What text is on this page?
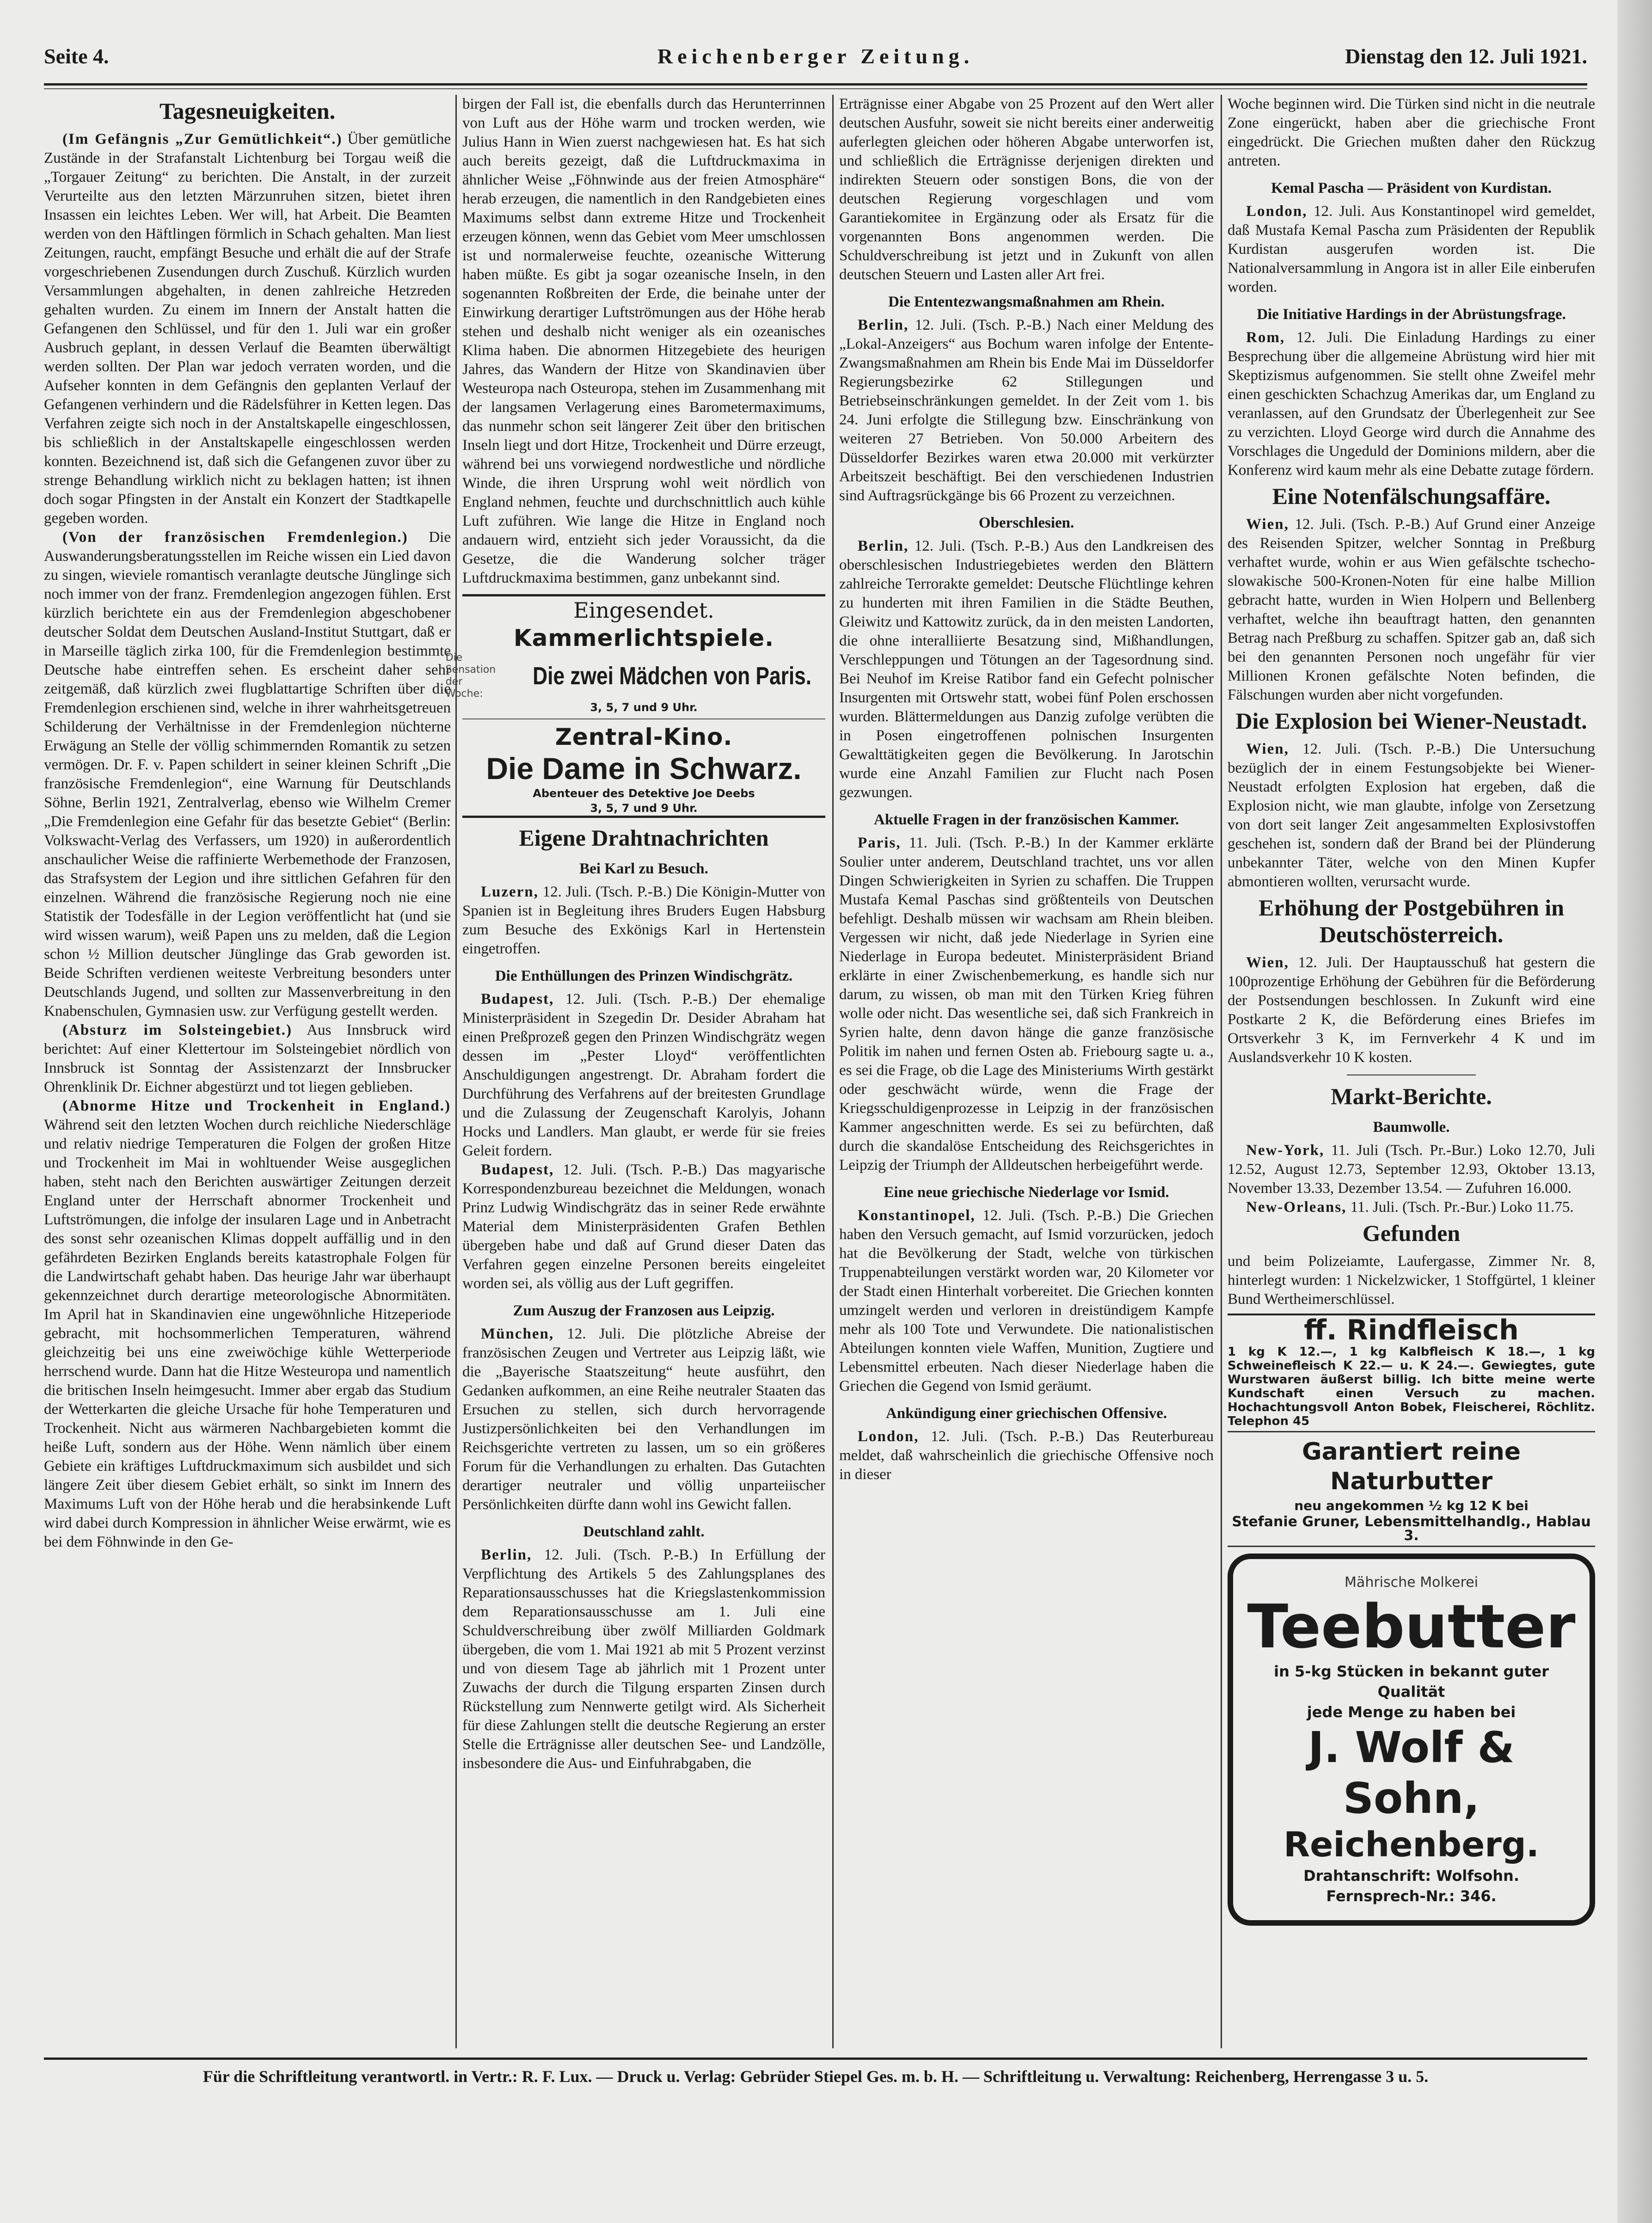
Seite 4.	Reichenberger Zeitung.	Dienstag den 12. Juli 1921.
Tagesneuigkeiten.

(Im Gefängnis „Zur Gemütlichkeit“.) Über gemütliche Zustände in der Strafanstalt Lichtenburg bei Torgau weiß die „Torgauer Zeitung“ zu berichten. Die Anstalt, in der zurzeit Verurteilte aus den letzten Märzunruhen sitzen, bietet ihren Insassen ein leichtes Leben. Wer will, hat Arbeit. Die Beamten werden von den Häftlingen förmlich in Schach gehalten. Man liest Zeitungen, raucht, empfängt Besuche und erhält die auf der Strafe vorgeschriebenen Zusendungen durch Zuschuß. Kürzlich wurden Versammlungen abgehalten, in denen zahlreiche Hetzreden gehalten wurden. Zu einem im Innern der Anstalt hatten die Gefangenen den Schlüssel, und für den 1. Juli war ein großer Ausbruch geplant, in dessen Verlauf die Beamten überwältigt werden sollten. Der Plan war jedoch verraten worden, und die Aufseher konnten in dem Gefängnis den geplanten Verlauf der Gefangenen verhindern und die Rädelsführer in Ketten legen. Das Verfahren zeigte sich noch in der Anstaltskapelle eingeschlossen, bis schließlich in der Anstaltskapelle eingeschlossen werden konnten. Bezeichnend ist, daß sich die Gefangenen zuvor über zu strenge Behandlung wirklich nicht zu beklagen hatten; ist ihnen doch sogar Pfingsten in der Anstalt ein Konzert der Stadtkapelle gegeben worden.

(Von der französischen Fremdenlegion.) Die Auswanderungsberatungsstellen im Reiche wissen ein Lied davon zu singen, wieviele romantisch veranlagte deutsche Jünglinge sich noch immer von der franz. Fremdenlegion angezogen fühlen. Erst kürzlich berichtete ein aus der Fremdenlegion abgeschobener deutscher Soldat dem Deutschen Ausland-Institut Stuttgart, daß er in Marseille täglich zirka 100, für die Fremdenlegion bestimmte Deutsche habe eintreffen sehen. Es erscheint daher sehr zeitgemäß, daß kürzlich zwei flugblattartige Schriften über die Fremdenlegion erschienen sind, welche in ihrer wahrheitsgetreuen Schilderung der Verhältnisse in der Fremdenlegion nüchterne Erwägung an Stelle der völlig schimmernden Romantik zu setzen vermögen. Dr. F. v. Papen schildert in seiner kleinen Schrift „Die französische Fremdenlegion“, eine Warnung für Deutschlands Söhne, Berlin 1921, Zentralverlag, ebenso wie Wilhelm Cremer „Die Fremdenlegion eine Gefahr für das besetzte Gebiet“ (Berlin: Volkswacht-Verlag des Verfassers, um 1920) in außerordentlich anschaulicher Weise die raffinierte Werbemethode der Franzosen, das Strafsystem der Legion und ihre sittlichen Gefahren für den einzelnen. Während die französische Regierung noch nie eine Statistik der Todesfälle in der Legion veröffentlicht hat (und sie wird wissen warum), weiß Papen uns zu melden, daß die Legion schon ½ Million deutscher Jünglinge das Grab geworden ist. Beide Schriften verdienen weiteste Verbreitung besonders unter Deutschlands Jugend, und sollten zur Massenverbreitung in den Knabenschulen, Gymnasien usw. zur Verfügung gestellt werden.

(Absturz im Solsteingebiet.) Aus Innsbruck wird berichtet: Auf einer Klettertour im Solsteingebiet nördlich von Innsbruck ist Sonntag der Assistenzarzt der Innsbrucker Ohrenklinik Dr. Eichner abgestürzt und tot liegen geblieben.

(Abnorme Hitze und Trockenheit in England.) Während seit den letzten Wochen durch reichliche Niederschläge und relativ niedrige Temperaturen die Folgen der großen Hitze und Trockenheit im Mai in wohltuender Weise ausgeglichen haben, steht nach den Berichten auswärtiger Zeitungen derzeit England unter der Herrschaft abnormer Trockenheit und Luftströmungen, die infolge der insularen Lage und in Anbetracht des sonst sehr ozeanischen Klimas doppelt auffällig und in den gefährdeten Bezirken Englands bereits katastrophale Folgen für die Landwirtschaft gehabt haben. Das heurige Jahr war überhaupt gekennzeichnet durch derartige meteorologische Abnormitäten. Im April hat in Skandinavien eine ungewöhnliche Hitzeperiode gebracht, mit hochsommerlichen Temperaturen, während gleichzeitig bei uns eine zweiwöchige kühle Wetterperiode herrschend wurde. Dann hat die Hitze Westeuropa und namentlich die britischen Inseln heimgesucht. Immer aber ergab das Studium der Wetterkarten die gleiche Ursache für hohe Temperaturen und Trockenheit. Nicht aus wärmeren Nachbargebieten kommt die heiße Luft, sondern aus der Höhe. Wenn nämlich über einem Gebiete ein kräftiges Luftdruckmaximum sich ausbildet und sich längere Zeit über diesem Gebiet erhält, so sinkt im Innern des Maximums Luft von der Höhe herab und die herabsinkende Luft wird dabei durch Kompression in ähnlicher Weise erwärmt, wie es bei dem Föhnwinde in den Ge-

birgen der Fall ist, die ebenfalls durch das Herunterrinnen von Luft aus der Höhe warm und trocken werden, wie Julius Hann in Wien zuerst nachgewiesen hat. Es hat sich auch bereits gezeigt, daß die Luftdruckmaxima in ähnlicher Weise „Föhnwinde aus der freien Atmosphäre“ herab erzeugen, die namentlich in den Randgebieten eines Maximums selbst dann extreme Hitze und Trockenheit erzeugen können, wenn das Gebiet vom Meer umschlossen ist und normalerweise feuchte, ozeanische Witterung haben müßte. Es gibt ja sogar ozeanische Inseln, in den sogenannten Roßbreiten der Erde, die beinahe unter der Einwirkung derartiger Luftströmungen aus der Höhe herab stehen und deshalb nicht weniger als ein ozeanisches Klima haben. Die abnormen Hitzegebiete des heurigen Jahres, das Wandern der Hitze von Skandinavien über Westeuropa nach Osteuropa, stehen im Zusammenhang mit der langsamen Verlagerung eines Barometermaximums, das nunmehr schon seit längerer Zeit über den britischen Inseln liegt und dort Hitze, Trockenheit und Dürre erzeugt, während bei uns vorwiegend nordwestliche und nördliche Winde, die ihren Ursprung wohl weit nördlich von England nehmen, feuchte und durchschnittlich auch kühle Luft zuführen. Wie lange die Hitze in England noch andauern wird, entzieht sich jeder Voraussicht, da die Gesetze, die die Wanderung solcher träger Luftdruckmaxima bestimmen, ganz unbekannt sind.

Eingesendet.
Kammerlichtspiele.
Die Sensation der Woche:
Die zwei Mädchen von Paris.
3, 5, 7 und 9 Uhr.
Zentral-Kino.
Die Dame in Schwarz.
Abenteuer des Detektive Joe Deebs
3, 5, 7 und 9 Uhr.
Eigene Drahtnachrichten
Bei Karl zu Besuch.

Luzern, 12. Juli. (Tsch. P.-B.) Die Königin-Mutter von Spanien ist in Begleitung ihres Bruders Eugen Habsburg zum Besuche des Exkönigs Karl in Hertenstein eingetroffen.

Die Enthüllungen des Prinzen Windischgrätz.

Budapest, 12. Juli. (Tsch. P.-B.) Der ehemalige Ministerpräsident in Szegedin Dr. Desider Abraham hat einen Preßprozeß gegen den Prinzen Windischgrätz wegen dessen im „Pester Lloyd“ veröffentlichten Anschuldigungen angestrengt. Dr. Abraham fordert die Durchführung des Verfahrens auf der breitesten Grundlage und die Zulassung der Zeugenschaft Karolyis, Johann Hocks und Landlers. Man glaubt, er werde für sie freies Geleit fordern.

Budapest, 12. Juli. (Tsch. P.-B.) Das magyarische Korrespondenzbureau bezeichnet die Meldungen, wonach Prinz Ludwig Windischgrätz das in seiner Rede erwähnte Material dem Ministerpräsidenten Grafen Bethlen übergeben habe und daß auf Grund dieser Daten das Verfahren gegen einzelne Personen bereits eingeleitet worden sei, als völlig aus der Luft gegriffen.

Zum Auszug der Franzosen aus Leipzig.

München, 12. Juli. Die plötzliche Abreise der französischen Zeugen und Vertreter aus Leipzig läßt, wie die „Bayerische Staatszeitung“ heute ausführt, den Gedanken aufkommen, an eine Reihe neutraler Staaten das Ersuchen zu stellen, sich durch hervorragende Justizpersönlichkeiten bei den Verhandlungen im Reichsgerichte vertreten zu lassen, um so ein größeres Forum für die Verhandlungen zu erhalten. Das Gutachten derartiger neutraler und völlig unparteiischer Persönlichkeiten dürfte dann wohl ins Gewicht fallen.

Deutschland zahlt.

Berlin, 12. Juli. (Tsch. P.-B.) In Erfüllung der Verpflichtung des Artikels 5 des Zahlungsplanes des Reparationsausschusses hat die Kriegslastenkommission dem Reparationsausschusse am 1. Juli eine Schuldverschreibung über zwölf Milliarden Goldmark übergeben, die vom 1. Mai 1921 ab mit 5 Prozent verzinst und von diesem Tage ab jährlich mit 1 Prozent unter Zuwachs der durch die Tilgung ersparten Zinsen durch Rückstellung zum Nennwerte getilgt wird. Als Sicherheit für diese Zahlungen stellt die deutsche Regierung an erster Stelle die Erträgnisse aller deutschen See- und Landzölle, insbesondere die Aus- und Einfuhrabgaben, die

Erträgnisse einer Abgabe von 25 Prozent auf den Wert aller deutschen Ausfuhr, soweit sie nicht bereits einer anderweitig auferlegten gleichen oder höheren Abgabe unterworfen ist, und schließlich die Erträgnisse derjenigen direkten und indirekten Steuern oder sonstigen Bons, die von der deutschen Regierung vorgeschlagen und vom Garantiekomitee in Ergänzung oder als Ersatz für die vorgenannten Bons angenommen werden. Die Schuldverschreibung ist jetzt und in Zukunft von allen deutschen Steuern und Lasten aller Art frei.

Die Ententezwangsmaßnahmen am Rhein.

Berlin, 12. Juli. (Tsch. P.-B.) Nach einer Meldung des „Lokal-Anzeigers“ aus Bochum waren infolge der Entente-Zwangsmaßnahmen am Rhein bis Ende Mai im Düsseldorfer Regierungsbezirke 62 Stillegungen und Betriebseinschränkungen gemeldet. In der Zeit vom 1. bis 24. Juni erfolgte die Stillegung bzw. Einschränkung von weiteren 27 Betrieben. Von 50.000 Arbeitern des Düsseldorfer Bezirkes waren etwa 20.000 mit verkürzter Arbeitszeit beschäftigt. Bei den verschiedenen Industrien sind Auftragsrückgänge bis 66 Prozent zu verzeichnen.

Oberschlesien.

Berlin, 12. Juli. (Tsch. P.-B.) Aus den Landkreisen des oberschlesischen Industriegebietes werden den Blättern zahlreiche Terrorakte gemeldet: Deutsche Flüchtlinge kehren zu hunderten mit ihren Familien in die Städte Beuthen, Gleiwitz und Kattowitz zurück, da in den meisten Landorten, die ohne interalliierte Besatzung sind, Mißhandlungen, Verschleppungen und Tötungen an der Tagesordnung sind. Bei Neuhof im Kreise Ratibor fand ein Gefecht polnischer Insurgenten mit Ortswehr statt, wobei fünf Polen erschossen wurden. Blättermeldungen aus Danzig zufolge verübten die in Posen eingetroffenen polnischen Insurgenten Gewalttätigkeiten gegen die Bevölkerung. In Jarotschin wurde eine Anzahl Familien zur Flucht nach Posen gezwungen.

Aktuelle Fragen in der französischen Kammer.

Paris, 11. Juli. (Tsch. P.-B.) In der Kammer erklärte Soulier unter anderem, Deutschland trachtet, uns vor allen Dingen Schwierigkeiten in Syrien zu schaffen. Die Truppen Mustafa Kemal Paschas sind größtenteils von Deutschen befehligt. Deshalb müssen wir wachsam am Rhein bleiben. Vergessen wir nicht, daß jede Niederlage in Syrien eine Niederlage in Europa bedeutet. Ministerpräsident Briand erklärte in einer Zwischenbemerkung, es handle sich nur darum, zu wissen, ob man mit den Türken Krieg führen wolle oder nicht. Das wesentliche sei, daß sich Frankreich in Syrien halte, denn davon hänge die ganze französische Politik im nahen und fernen Osten ab. Friebourg sagte u. a., es sei die Frage, ob die Lage des Ministeriums Wirth gestärkt oder geschwächt würde, wenn die Frage der Kriegsschuldigenprozesse in Leipzig in der französischen Kammer angeschnitten werde. Es sei zu befürchten, daß durch die skandalöse Entscheidung des Reichsgerichtes in Leipzig der Triumph der Alldeutschen herbeigeführt werde.

Eine neue griechische Niederlage vor Ismid.

Konstantinopel, 12. Juli. (Tsch. P.-B.) Die Griechen haben den Versuch gemacht, auf Ismid vorzurücken, jedoch hat die Bevölkerung der Stadt, welche von türkischen Truppenabteilungen verstärkt worden war, 20 Kilometer vor der Stadt einen Hinterhalt vorbereitet. Die Griechen konnten umzingelt werden und verloren in dreistündigem Kampfe mehr als 100 Tote und Verwundete. Die nationalistischen Abteilungen konnten viele Waffen, Munition, Zugtiere und Lebensmittel erbeuten. Nach dieser Niederlage haben die Griechen die Gegend von Ismid geräumt.

Ankündigung einer griechischen Offensive.

London, 12. Juli. (Tsch. P.-B.) Das Reuterbureau meldet, daß wahrscheinlich die griechische Offensive noch in dieser

Woche beginnen wird. Die Türken sind nicht in die neutrale Zone eingerückt, haben aber die griechische Front eingedrückt. Die Griechen mußten daher den Rückzug antreten.

Kemal Pascha — Präsident von Kurdistan.

London, 12. Juli. Aus Konstantinopel wird gemeldet, daß Mustafa Kemal Pascha zum Präsidenten der Republik Kurdistan ausgerufen worden ist. Die Nationalversammlung in Angora ist in aller Eile einberufen worden.

Die Initiative Hardings in der Abrüstungsfrage.

Rom, 12. Juli. Die Einladung Hardings zu einer Besprechung über die allgemeine Abrüstung wird hier mit Skeptizismus aufgenommen. Sie stellt ohne Zweifel mehr einen geschickten Schachzug Amerikas dar, um England zu veranlassen, auf den Grundsatz der Überlegenheit zur See zu verzichten. Lloyd George wird durch die Annahme des Vorschlages die Ungeduld der Dominions mildern, aber die Konferenz wird kaum mehr als eine Debatte zutage fördern.

Eine Notenfälschungsaffäre.

Wien, 12. Juli. (Tsch. P.-B.) Auf Grund einer Anzeige des Reisenden Spitzer, welcher Sonntag in Preßburg verhaftet wurde, wohin er aus Wien gefälschte tschecho-slowakische 500-Kronen-Noten für eine halbe Million gebracht hatte, wurden in Wien Holpern und Bellenberg verhaftet, welche ihn beauftragt hatten, den genannten Betrag nach Preßburg zu schaffen. Spitzer gab an, daß sich bei den genannten Personen noch ungefähr für vier Millionen Kronen gefälschte Noten befinden, die Fälschungen wurden aber nicht vorgefunden.

Die Explosion bei Wiener-Neustadt.

Wien, 12. Juli. (Tsch. P.-B.) Die Untersuchung bezüglich der in einem Festungsobjekte bei Wiener-Neustadt erfolgten Explosion hat ergeben, daß die Explosion nicht, wie man glaubte, infolge von Zersetzung von dort seit langer Zeit angesammelten Explosivstoffen geschehen ist, sondern daß der Brand bei der Plünderung unbekannter Täter, welche von den Minen Kupfer abmontieren wollten, verursacht wurde.

Erhöhung der Postgebühren in Deutschösterreich.

Wien, 12. Juli. Der Hauptausschuß hat gestern die 100prozentige Erhöhung der Gebühren für die Beförderung der Postsendungen beschlossen. In Zukunft wird eine Postkarte 2 K, die Beförderung eines Briefes im Ortsverkehr 3 K, im Fernverkehr 4 K und im Auslandsverkehr 10 K kosten.

Markt-Berichte.
Baumwolle.

New-York, 11. Juli (Tsch. Pr.-Bur.) Loko 12.70, Juli 12.52, August 12.73, September 12.93, Oktober 13.13, November 13.33, Dezember 13.54. — Zufuhren 16.000.

New-Orleans, 11. Juli. (Tsch. Pr.-Bur.) Loko 11.75.

Gefunden

und beim Polizeiamte, Laufergasse, Zimmer Nr. 8, hinterlegt wurden: 1 Nickelzwicker, 1 Stoffgürtel, 1 kleiner Bund Wertheimerschlüssel.

ff. Rindfleisch
1 kg K 12.—, 1 kg Kalbfleisch K 18.—, 1 kg Schweinefleisch K 22.— u. K 24.—. Gewiegtes, gute Wurstwaren äußerst billig. Ich bitte meine werte Kundschaft einen Versuch zu machen. Hochachtungsvoll Anton Bobek, Fleischerei, Röchlitz. Telephon 45
Garantiert reine Naturbutter
neu angekommen ½ kg 12 K bei
Stefanie Gruner, Lebensmittelhandlg., Hablau 3.
Mährische Molkerei
Teebutter
in 5-kg Stücken in bekannt guter Qualität
jede Menge zu haben bei
J. Wolf & Sohn,
Reichenberg.
Drahtanschrift: Wolfsohn.
Fernsprech-Nr.: 346.
Für die Schriftleitung verantwortl. in Vertr.: R. F. Lux. — Druck u. Verlag: Gebrüder Stiepel Ges. m. b. H. — Schriftleitung u. Verwaltung: Reichenberg, Herrengasse 3 u. 5.
